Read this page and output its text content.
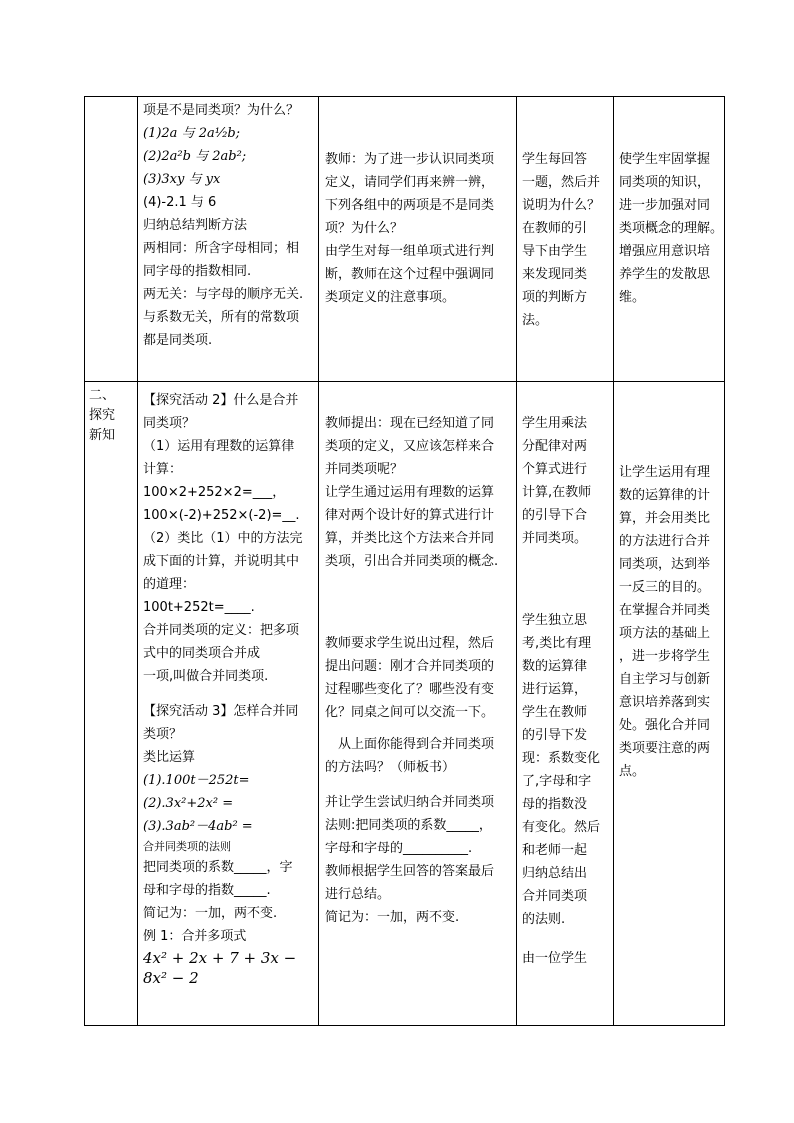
项是不是同类项？为什么？

(1)2a 与 2a¹⁄₂b;

(2)2a²b 与 2ab²;

(3)3xy 与 yx

(4)-2.1 与 6

归纳总结判断方法

两相同：所含字母相同；相

同字母的指数相同.

两无关：与字母的顺序无关.

与系数无关，所有的常数项

都是同类项.

教师：为了进一步认识同类项

定义，请同学们再来辨一辨，

下列各组中的两项是不是同类

项？为什么？

由学生对每一组单项式进行判

断，教师在这个过程中强调同

类项定义的注意事项。

学生每回答

一题，然后并

说明为什么？

在教师的引

导下由学生

来发现同类

项的判断方

法。

使学生牢固掌握

同类项的知识，

进一步加强对同

类项概念的理解。

增强应用意识培

养学生的发散思

维。

二、

探究

新知

【探究活动 2】什么是合并

同类项？

（1）运用有理数的运算律

计算：

100×2+252×2=___，

100×(-2)+252×(-2)=__.

（2）类比（1）中的方法完

成下面的计算，并说明其中

的道理：

100t+252t=____.

合并同类项的定义：把多项

式中的同类项合并成

一项,叫做合并同类项.

【探究活动 3】怎样合并同

类项？

类比运算

(1).100t－252t=

(2).3x²+2x² =

(3).3ab²－4ab² =

合并同类项的法则

把同类项的系数_____，字

母和字母的指数_____.

简记为：一加，两不变.

例 1：合并多项式

4x² + 2x + 7 + 3x − 8x² − 2

教师提出：现在已经知道了同

类项的定义，又应该怎样来合

并同类项呢？

让学生通过运用有理数的运算

律对两个设计好的算式进行计

算，并类比这个方法来合并同

类项，引出合并同类项的概念.

教师要求学生说出过程，然后

提出问题：刚才合并同类项的

过程哪些变化了？哪些没有变

化？同桌之间可以交流一下。

　从上面你能得到合并同类项

的方法吗？（师板书）

并让学生尝试归纳合并同类项

法则:把同类项的系数_____，

字母和字母的__________.

教师根据学生回答的答案最后

进行总结。

简记为：一加，两不变.

学生用乘法

分配律对两

个算式进行

计算,在教师

的引导下合

并同类项。

学生独立思

考,类比有理

数的运算律

进行运算，

学生在教师

的引导下发

现：系数变化

了,字母和字

母的指数没

有变化。然后

和老师一起

归纳总结出

合并同类项

的法则.

由一位学生

让学生运用有理

数的运算律的计

算，并会用类比

的方法进行合并

同类项，达到举

一反三的目的。

在掌握合并同类

项方法的基础上

，进一步将学生

自主学习与创新

意识培养落到实

处。强化合并同

类项要注意的两

点。
